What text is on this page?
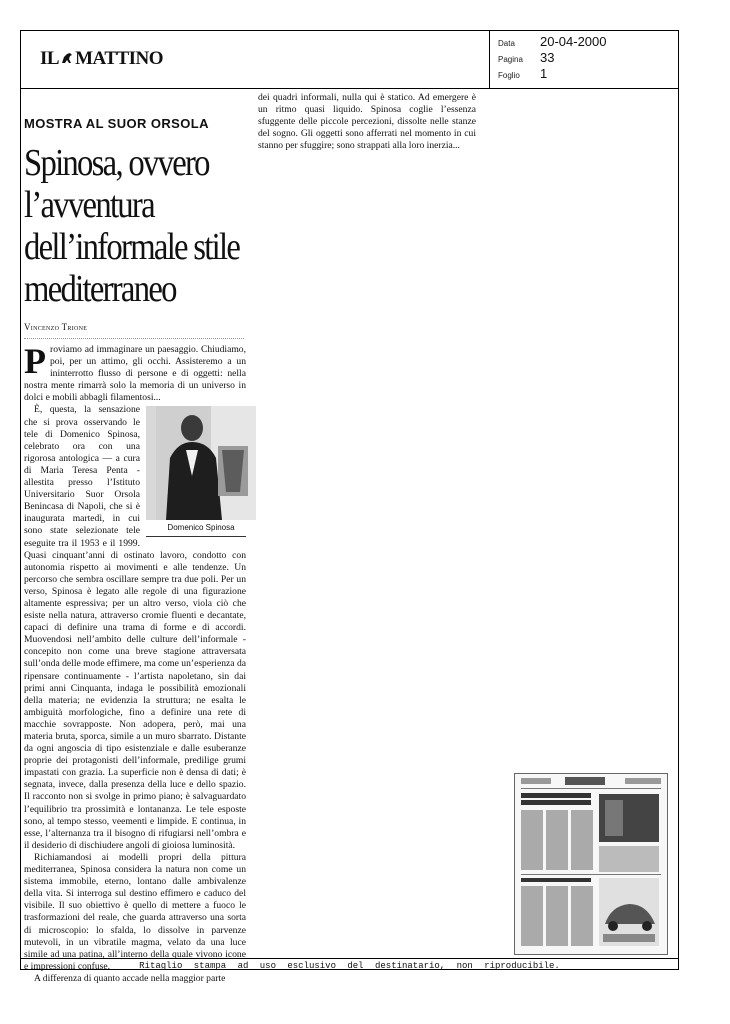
IL MATTINO
Data	20-04-2000
Pagina	33
Foglio	1
MOSTRA AL SUOR ORSOLA
Spinosa, ovvero
l’avventura
dell’informale stile
mediterraneo
Vincenzo Trione

Proviamo ad immaginare un paesaggio. Chiudiamo, poi, per un attimo, gli occhi. Assisteremo a un ininterrotto flusso di persone e di oggetti: nella nostra mente rimarrà solo la memoria di un universo in dolci e mobili abbagli filamentosi...

Domenico Spinosa
È, questa, la sensazione che si prova osservando le tele di Domenico Spinosa, celebrato ora con una rigorosa antologica — a cura di Maria Teresa Penta - allestita presso l’Istituto Universitario Suor Orsola Benincasa di Napoli, che si è inaugurata martedì, in cui sono state selezionate tele eseguite tra il 1953 e il 1999. Quasi cinquant’anni di ostinato lavoro, condotto con autonomia rispetto ai movimenti e alle tendenze. Un percorso che sembra oscillare sempre tra due poli. Per un verso, Spinosa è legato alle regole di una figurazione altamente espressiva; per un altro verso, viola ciò che esiste nella natura, attraverso cromie fluenti e decantate, capaci di definire una trama di forme e di accordi. Muovendosi nell’ambito delle culture dell’informale - concepito non come una breve stagione attraversata sull’onda delle mode effimere, ma come un’esperienza da ripensare continuamente - l’artista napoletano, sin dai primi anni Cinquanta, indaga le possibilità emozionali della materia; ne evidenzia la struttura; ne esalta le ambiguità morfologiche, fino a definire una rete di macchie sovrapposte. Non adopera, però, mai una materia bruta, sporca, simile a un muro sbarrato. Distante da ogni angoscia di tipo esistenziale e dalle esuberanze proprie dei protagonisti dell’informale, predilige grumi impastati con grazia. La superficie non è densa di dati; è segnata, invece, dalla presenza della luce e dello spazio. Il racconto non si svolge in primo piano; è salvaguardato l’equilibrio tra prossimità e lontananza. Le tele esposte sono, al tempo stesso, veementi e limpide. E continua, in esse, l’alternanza tra il bisogno di rifugiarsi nell’ombra e il desiderio di dischiudere angoli di gioiosa luminosità.

Richiamandosi ai modelli propri della pittura mediterranea, Spinosa considera la natura non come un sistema immobile, eterno, lontano dalle ambivalenze della vita. Si interroga sul destino effimero e caduco del visibile. Il suo obiettivo è quello di mettere a fuoco le trasformazioni del reale, che guarda attraverso una sorta di microscopio: lo sfalda, lo dissolve in parvenze mutevoli, in un vibratile magma, velato da una luce simile ad una patina, all’interno della quale vivono icone e impressioni confuse.

A differenza di quanto accade nella maggior parte

dei quadri informali, nulla qui è statico. Ad emergere è un ritmo quasi liquido. Spinosa coglie l’essenza sfuggente delle piccole percezioni, dissolte nelle stanze del sogno. Gli oggetti sono afferrati nel momento in cui stanno per sfuggire; sono strappati alla loro inerzia...

Ritaglio stampa ad uso esclusivo del destinatario, non riproducibile.
